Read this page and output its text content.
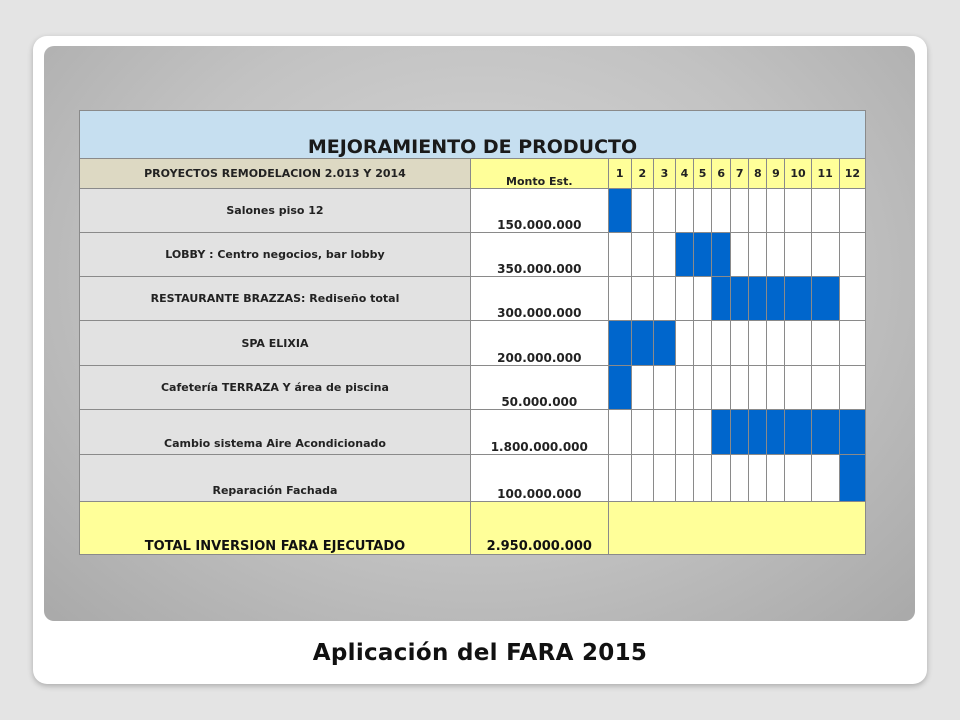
MEJORAMIENTO DE PRODUCTO													
PROYECTOS REMODELACION 2.013 Y 2014	Monto Est.	1	2	3	4	5	6	7	8	9	10	11	12
Salones piso 12	150.000.000												
LOBBY : Centro negocios, bar lobby	350.000.000												
RESTAURANTE BRAZZAS: Rediseño total	300.000.000												
SPA ELIXIA	200.000.000												
Cafetería TERRAZA Y área de piscina	50.000.000												
Cambio sistema Aire Acondicionado	1.800.000.000												
Reparación Fachada	100.000.000												
TOTAL INVERSION FARA EJECUTADO	2.950.000.000												
Aplicación del FARA 2015
